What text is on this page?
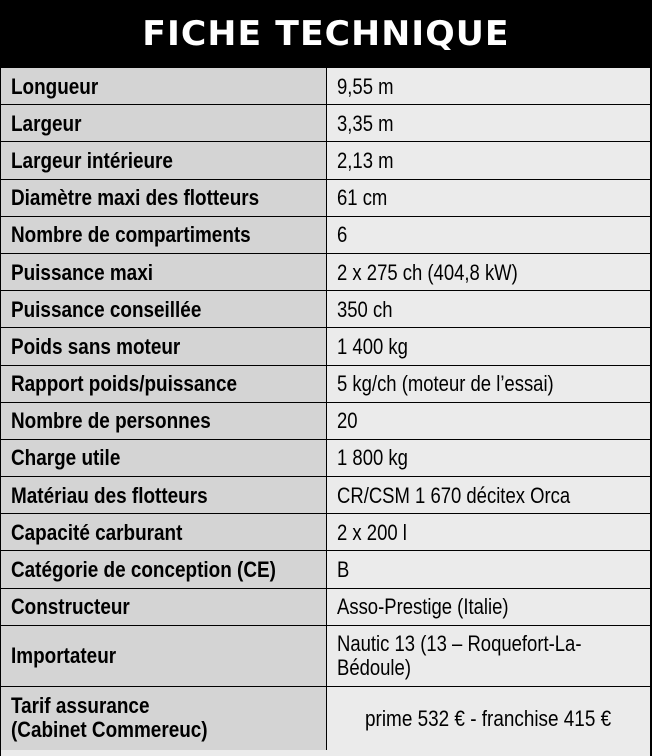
FICHE TECHNIQUE
Longueur	9,55 m
Largeur	3,35 m
Largeur intérieure	2,13 m
Diamètre maxi des flotteurs	61 cm
Nombre de compartiments	6
Puissance maxi	2 x 275 ch (404,8 kW)
Puissance conseillée	350 ch
Poids sans moteur	1 400 kg
Rapport poids/puissance	5 kg/ch (moteur de l’essai)
Nombre de personnes	20
Charge utile	1 800 kg
Matériau des flotteurs	CR/CSM 1 670 décitex Orca
Capacité carburant	2 x 200 l
Catégorie de conception (CE)	B
Constructeur	Asso-Prestige (Italie)
Importateur	Nautic 13 (13 – Roquefort-La-
Bédoule)
Tarif assurance
(Cabinet Commereuc)	prime 532 € - franchise 415 €
